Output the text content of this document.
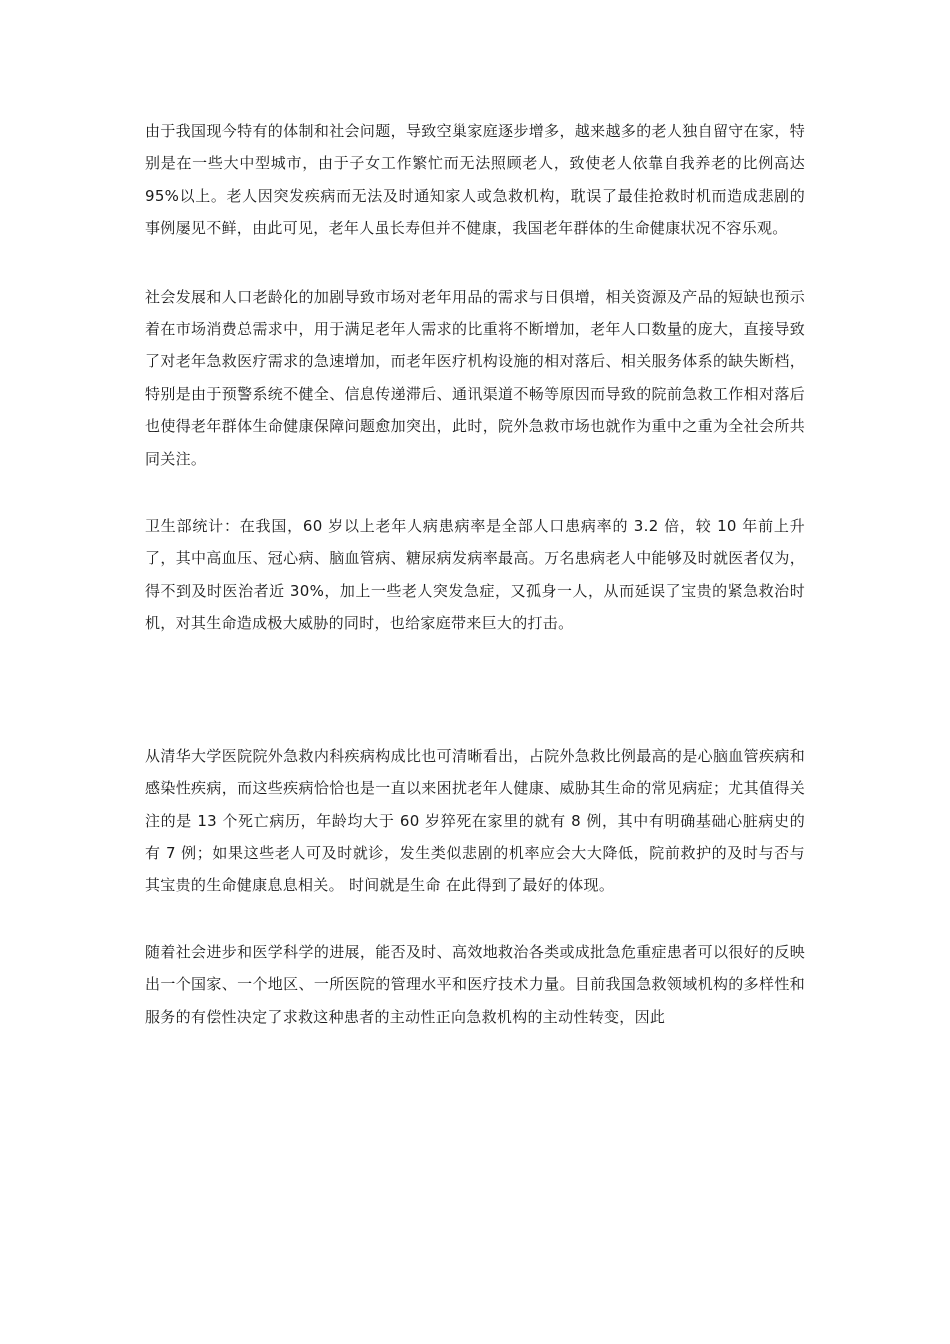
由于我国现今特有的体制和社会问题，导致空巢家庭逐步增多，越来越多的老人独自留守在家，特别是在一些大中型城市，由于子女工作繁忙而无法照顾老人，致使老人依靠自我养老的比例高达 95%以上。老人因突发疾病而无法及时通知家人或急救机构，耽误了最佳抢救时机而造成悲剧的事例屡见不鲜，由此可见，老年人虽长寿但并不健康，我国老年群体的生命健康状况不容乐观。

社会发展和人口老龄化的加剧导致市场对老年用品的需求与日俱增，相关资源及产品的短缺也预示着在市场消费总需求中，用于满足老年人需求的比重将不断增加，老年人口数量的庞大，直接导致了对老年急救医疗需求的急速增加，而老年医疗机构设施的相对落后、相关服务体系的缺失断档，特别是由于预警系统不健全、信息传递滞后、通讯渠道不畅等原因而导致的院前急救工作相对落后也使得老年群体生命健康保障问题愈加突出，此时，院外急救市场也就作为重中之重为全社会所共同关注。

卫生部统计：在我国，60 岁以上老年人病患病率是全部人口患病率的 3.2 倍，较 10 年前上升了，其中高血压、冠心病、脑血管病、糖尿病发病率最高。万名患病老人中能够及时就医者仅为，得不到及时医治者近 30%，加上一些老人突发急症，又孤身一人，从而延误了宝贵的紧急救治时机，对其生命造成极大威胁的同时，也给家庭带来巨大的打击。

从清华大学医院院外急救内科疾病构成比也可清晰看出，占院外急救比例最高的是心脑血管疾病和感染性疾病，而这些疾病恰恰也是一直以来困扰老年人健康、威胁其生命的常见病症；尤其值得关注的是 13 个死亡病历，年龄均大于 60 岁猝死在家里的就有 8 例，其中有明确基础心脏病史的有 7 例；如果这些老人可及时就诊，发生类似悲剧的机率应会大大降低，院前救护的及时与否与其宝贵的生命健康息息相关。 时间就是生命 在此得到了最好的体现。

随着社会进步和医学科学的进展，能否及时、高效地救治各类或成批急危重症患者可以很好的反映出一个国家、一个地区、一所医院的管理水平和医疗技术力量。目前我国急救领域机构的多样性和服务的有偿性决定了求救这种患者的主动性正向急救机构的主动性转变，因此
